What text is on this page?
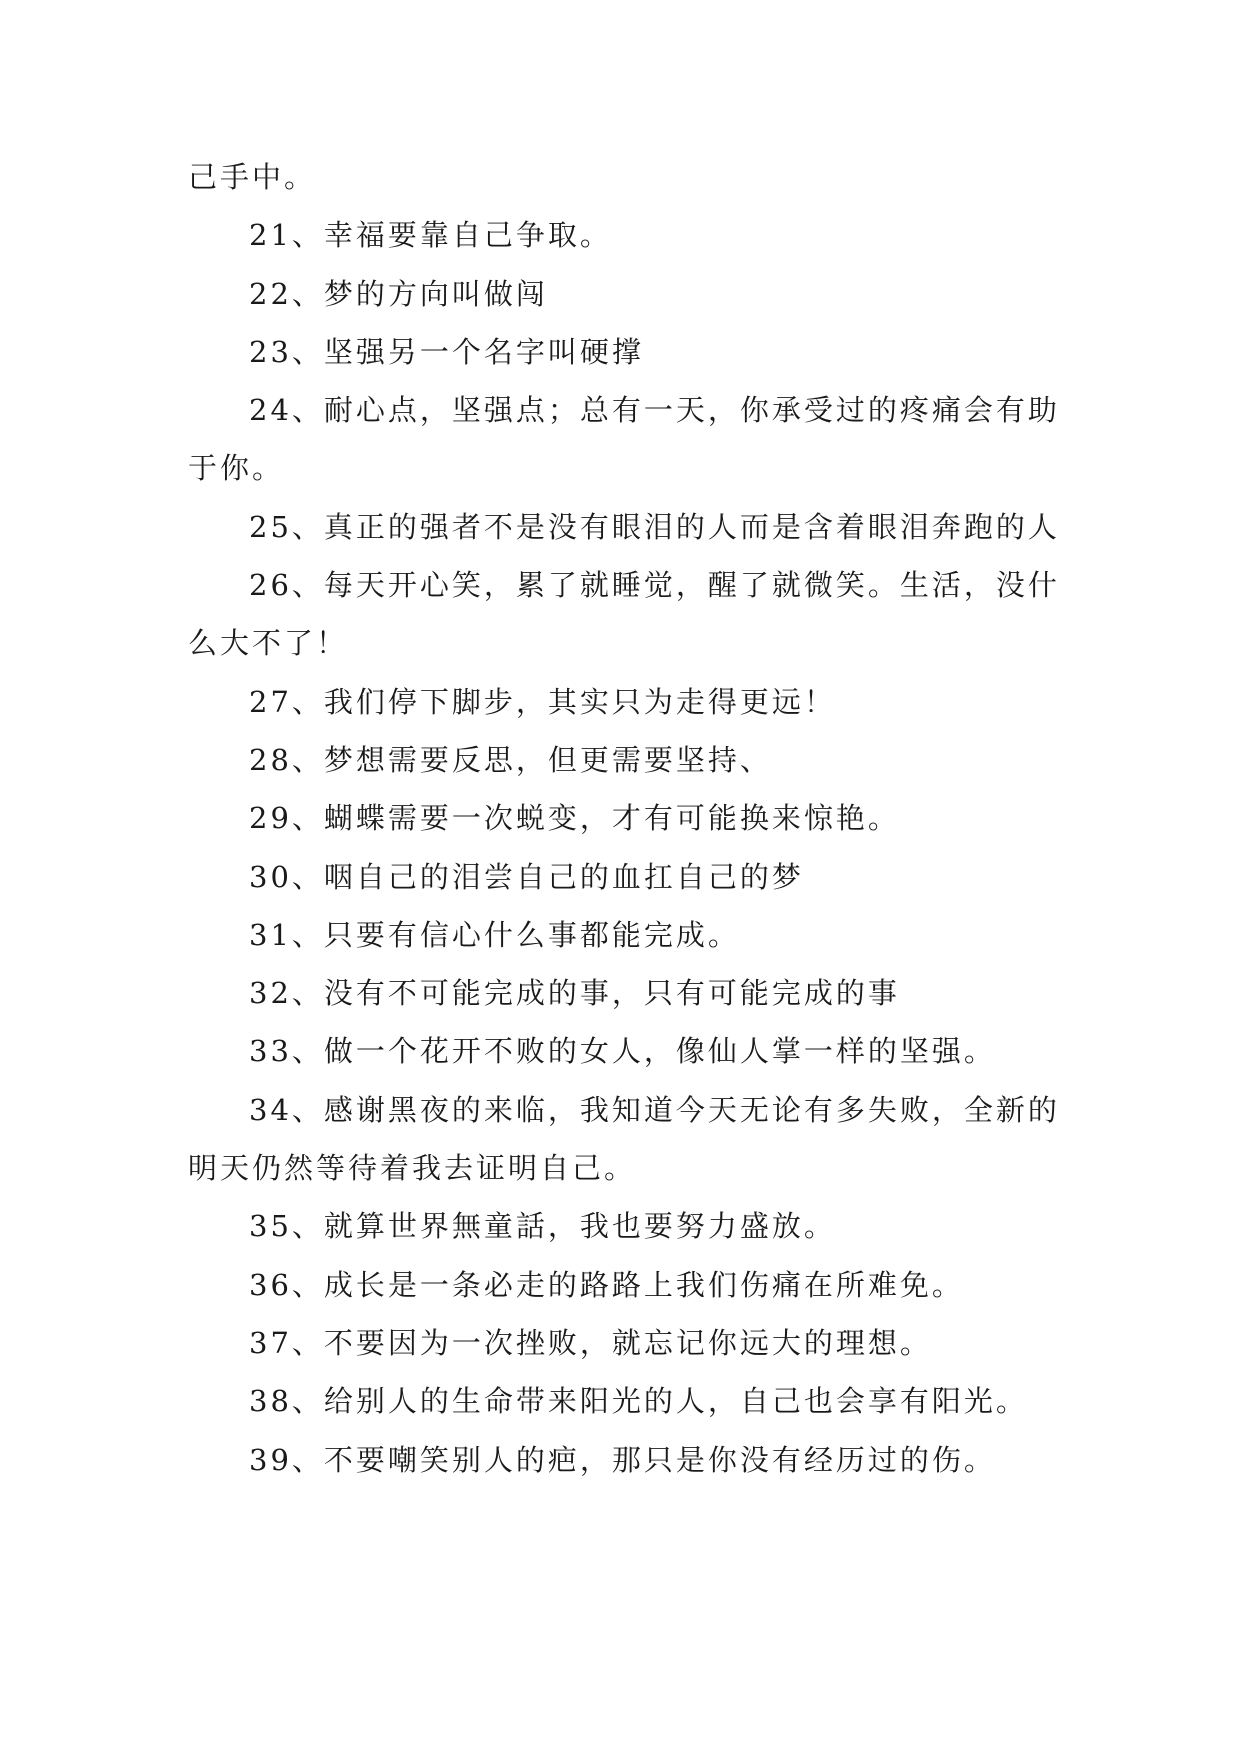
己手中。

21、幸福要靠自己争取。

22、梦的方向叫做闯

23、坚强另一个名字叫硬撑

24、耐心点，坚强点；总有一天，你承受过的疼痛会有助于你。

25、真正的强者不是没有眼泪的人而是含着眼泪奔跑的人

26、每天开心笑，累了就睡觉，醒了就微笑。生活，没什么大不了！

27、我们停下脚步，其实只为走得更远！

28、梦想需要反思，但更需要坚持、

29、蝴蝶需要一次蜕变，才有可能换来惊艳。

30、咽自己的泪尝自己的血扛自己的梦

31、只要有信心什么事都能完成。

32、没有不可能完成的事，只有可能完成的事

33、做一个花开不败的女人，像仙人掌一样的坚强。

34、感谢黑夜的来临，我知道今天无论有多失败，全新的明天仍然等待着我去证明自己。

35、就算世界無童話，我也要努力盛放。

36、成长是一条必走的路路上我们伤痛在所难免。

37、不要因为一次挫败，就忘记你远大的理想。

38、给别人的生命带来阳光的人，自己也会享有阳光。

39、不要嘲笑别人的疤，那只是你没有经历过的伤。
